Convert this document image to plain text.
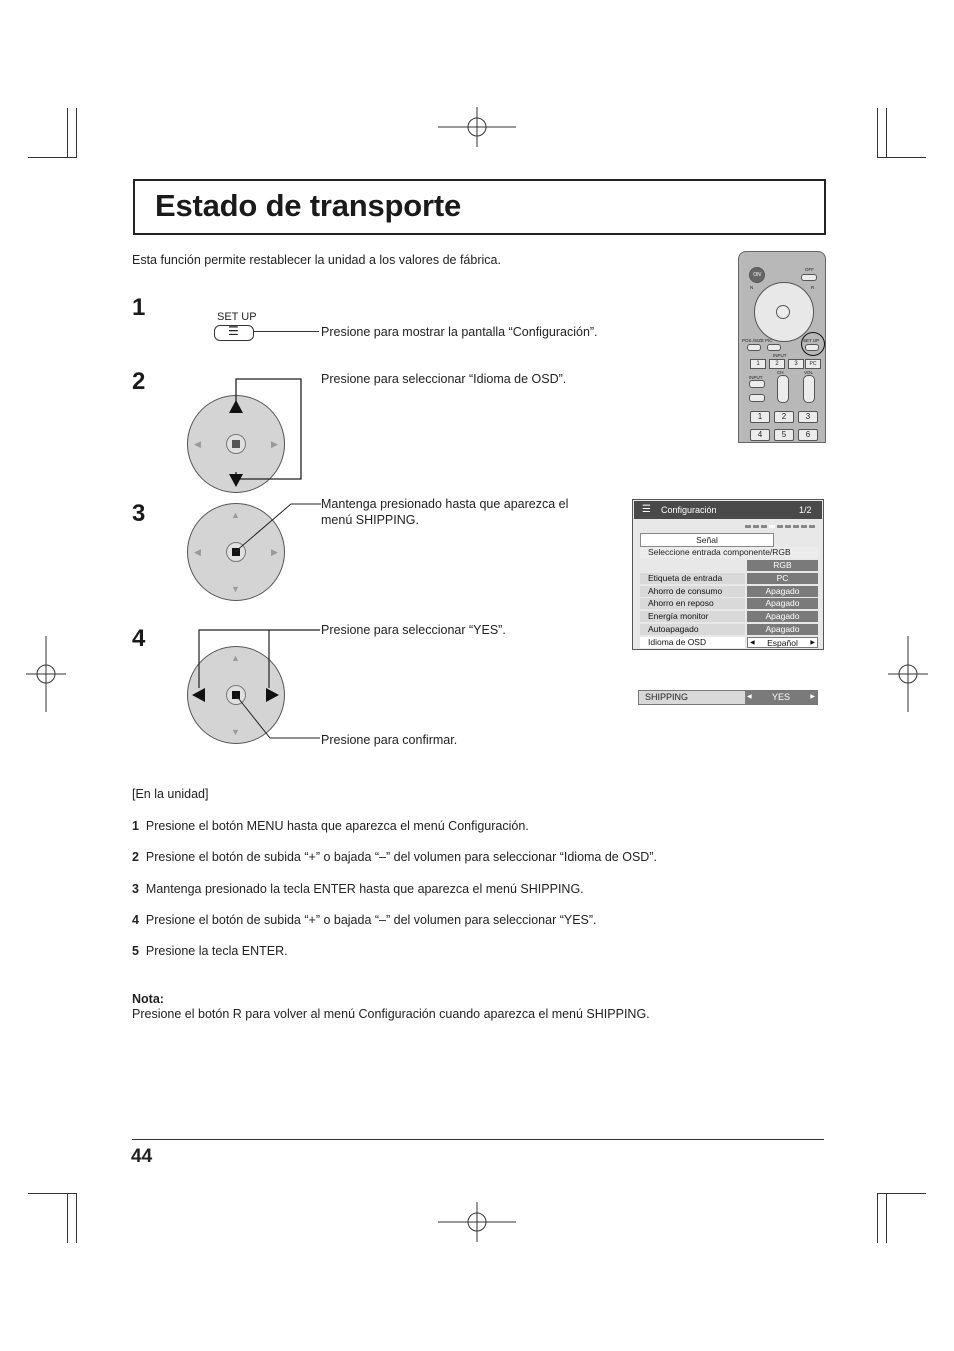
Estado de transporte
Esta función permite restablecer la unidad a los valores de fábrica.
1
2
3
4
SET UP
☰	Presione para mostrar la pantalla “Configuración”.
◀	▶
Presione para seleccionar “Idioma de OSD”.
▲
▼
◀	▶
Mantenga presionado hasta que aparezca el menú SHIPPING.
▲
▼
Presione para seleccionar “YES”.
Presione para confirmar.
ON
OFF
N	R
POS./SIZE PIC	SET UP
INPUT
1	2	3	PC
CH	VOL
INPUT
1	2	3
4	5	6
☰ Configuración	1/2
Señal
Seleccione entrada componente/RGB
RGB
Etiqueta de entrada	PC
Ahorro de consumo	Apagado
Ahorro en reposo	Apagado
Energía monitor	Apagado
Autoapagado	Apagado
Idioma de OSD	◀ Español ▶
SHIPPING	◀ YES	▶
[En la unidad]
1 Presione el botón MENU hasta que aparezca el menú Configuración.
2 Presione el botón de subida “+” o bajada “–” del volumen para seleccionar “Idioma de OSD”.
3 Mantenga presionado la tecla ENTER hasta que aparezca el menú SHIPPING.
4 Presione el botón de subida “+” o bajada “–” del volumen para seleccionar “YES”.
5 Presione la tecla ENTER.
Nota:
Presione el botón R para volver al menú Configuración cuando aparezca el menú SHIPPING.
44
